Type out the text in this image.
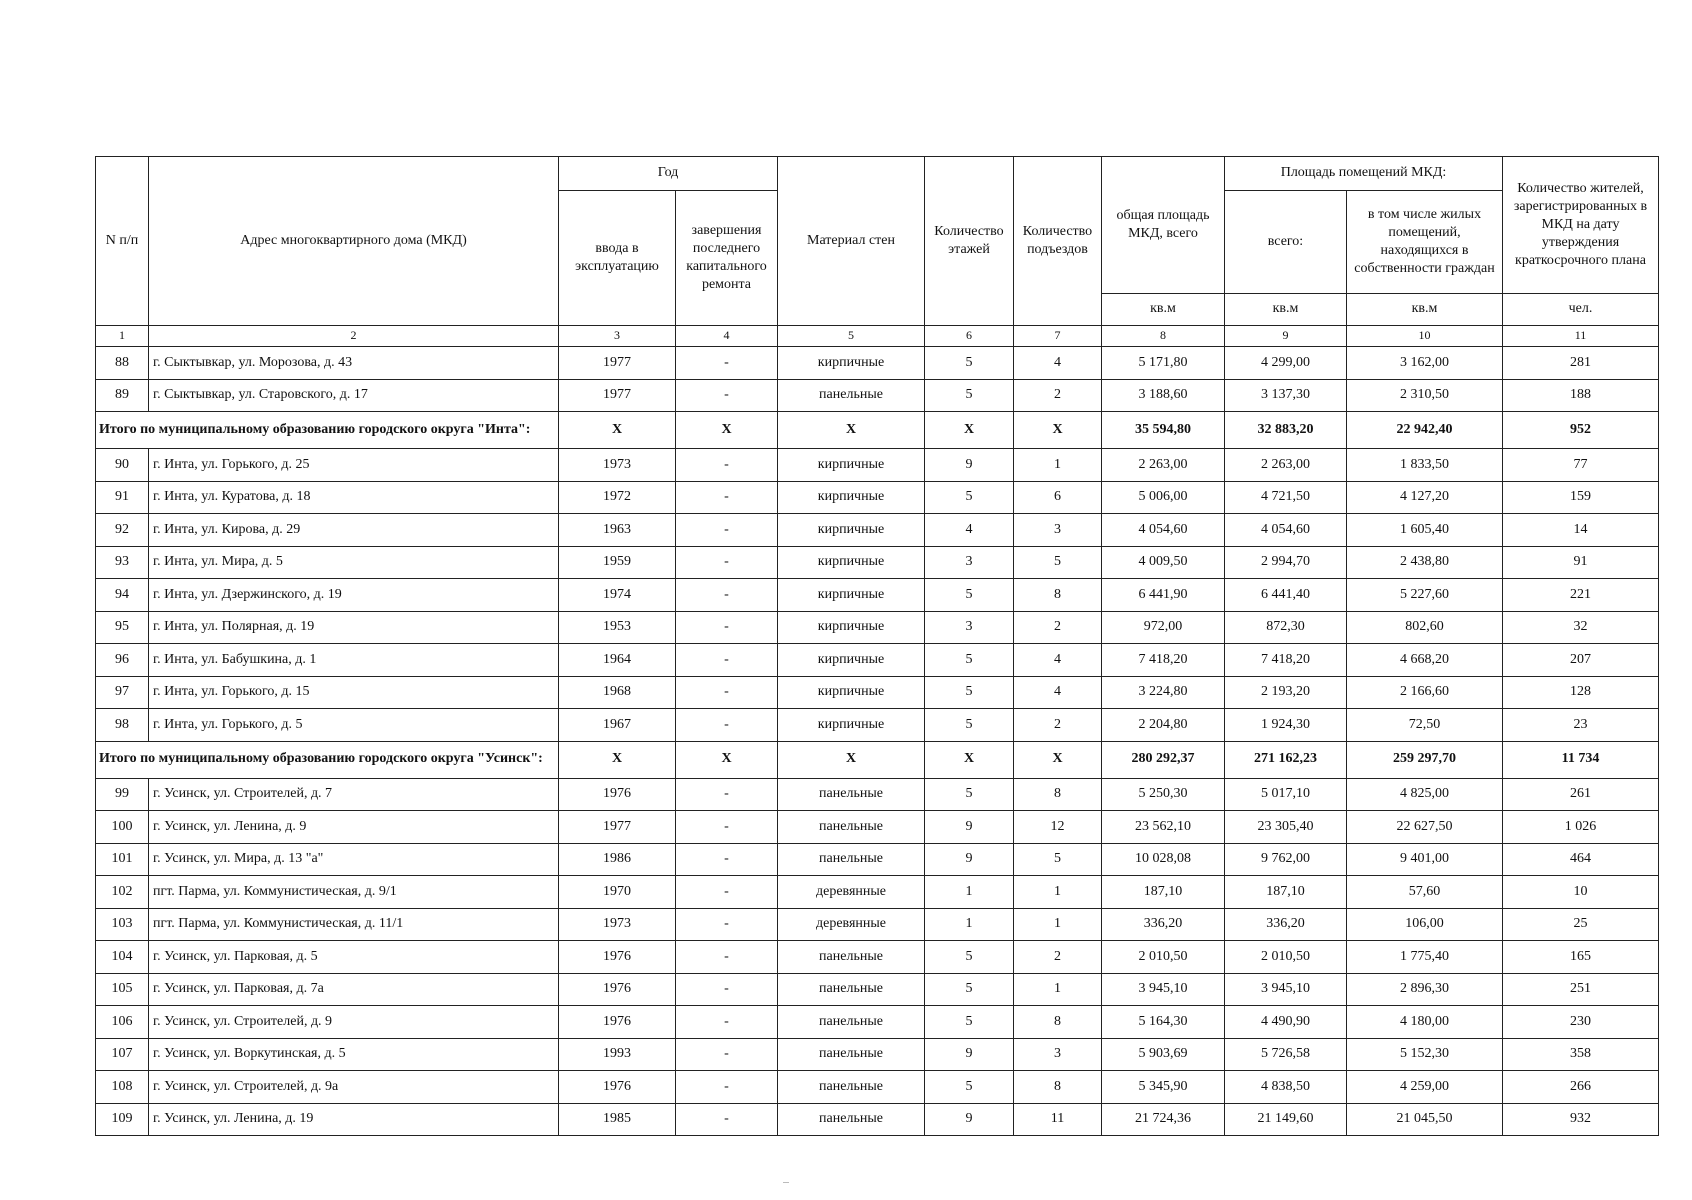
N п/п	Адрес многоквартирного дома (МКД)	Год		Материал стен	Количество этажей	Количество подъездов	общая площадь МКД, всего	Площадь помещений МКД:		Количество жителей, зарегистрированных в МКД на дату утверждения краткосрочного плана
		ввода в эксплуатацию	завершения последнего капитального ремонта					всего:	в том числе жилых помещений, находящихся в собственности граждан	
							кв.м	кв.м	кв.м	чел.
1	2	3	4	5	6	7	8	9	10	11
88	г. Сыктывкар, ул. Морозова, д. 43	1977	-	кирпичные	5	4	5 171,80	4 299,00	3 162,00	281
89	г. Сыктывкар, ул. Старовского, д. 17	1977	-	панельные	5	2	3 188,60	3 137,30	2 310,50	188
Итого по муниципальному образованию городского округа "Инта":		X	X	X	X	X	35 594,80	32 883,20	22 942,40	952
90	г. Инта, ул. Горького, д. 25	1973	-	кирпичные	9	1	2 263,00	2 263,00	1 833,50	77
91	г. Инта, ул. Куратова, д. 18	1972	-	кирпичные	5	6	5 006,00	4 721,50	4 127,20	159
92	г. Инта, ул. Кирова, д. 29	1963	-	кирпичные	4	3	4 054,60	4 054,60	1 605,40	14
93	г. Инта, ул. Мира, д. 5	1959	-	кирпичные	3	5	4 009,50	2 994,70	2 438,80	91
94	г. Инта, ул. Дзержинского, д. 19	1974	-	кирпичные	5	8	6 441,90	6 441,40	5 227,60	221
95	г. Инта, ул. Полярная, д. 19	1953	-	кирпичные	3	2	972,00	872,30	802,60	32
96	г. Инта, ул. Бабушкина, д. 1	1964	-	кирпичные	5	4	7 418,20	7 418,20	4 668,20	207
97	г. Инта, ул. Горького, д. 15	1968	-	кирпичные	5	4	3 224,80	2 193,20	2 166,60	128
98	г. Инта, ул. Горького, д. 5	1967	-	кирпичные	5	2	2 204,80	1 924,30	72,50	23
Итого по муниципальному образованию городского округа "Усинск":		X	X	X	X	X	280 292,37	271 162,23	259 297,70	11 734
99	г. Усинск, ул. Строителей, д. 7	1976	-	панельные	5	8	5 250,30	5 017,10	4 825,00	261
100	г. Усинск, ул. Ленина, д. 9	1977	-	панельные	9	12	23 562,10	23 305,40	22 627,50	1 026
101	г. Усинск, ул. Мира, д. 13 "а"	1986	-	панельные	9	5	10 028,08	9 762,00	9 401,00	464
102	пгт. Парма, ул. Коммунистическая, д. 9/1	1970	-	деревянные	1	1	187,10	187,10	57,60	10
103	пгт. Парма, ул. Коммунистическая, д. 11/1	1973	-	деревянные	1	1	336,20	336,20	106,00	25
104	г. Усинск, ул. Парковая, д. 5	1976	-	панельные	5	2	2 010,50	2 010,50	1 775,40	165
105	г. Усинск, ул. Парковая, д. 7а	1976	-	панельные	5	1	3 945,10	3 945,10	2 896,30	251
106	г. Усинск, ул. Строителей, д. 9	1976	-	панельные	5	8	5 164,30	4 490,90	4 180,00	230
107	г. Усинск, ул. Воркутинская, д. 5	1993	-	панельные	9	3	5 903,69	5 726,58	5 152,30	358
108	г. Усинск, ул. Строителей, д. 9а	1976	-	панельные	5	8	5 345,90	4 838,50	4 259,00	266
109	г. Усинск, ул. Ленина, д. 19	1985	-	панельные	9	11	21 724,36	21 149,60	21 045,50	932
